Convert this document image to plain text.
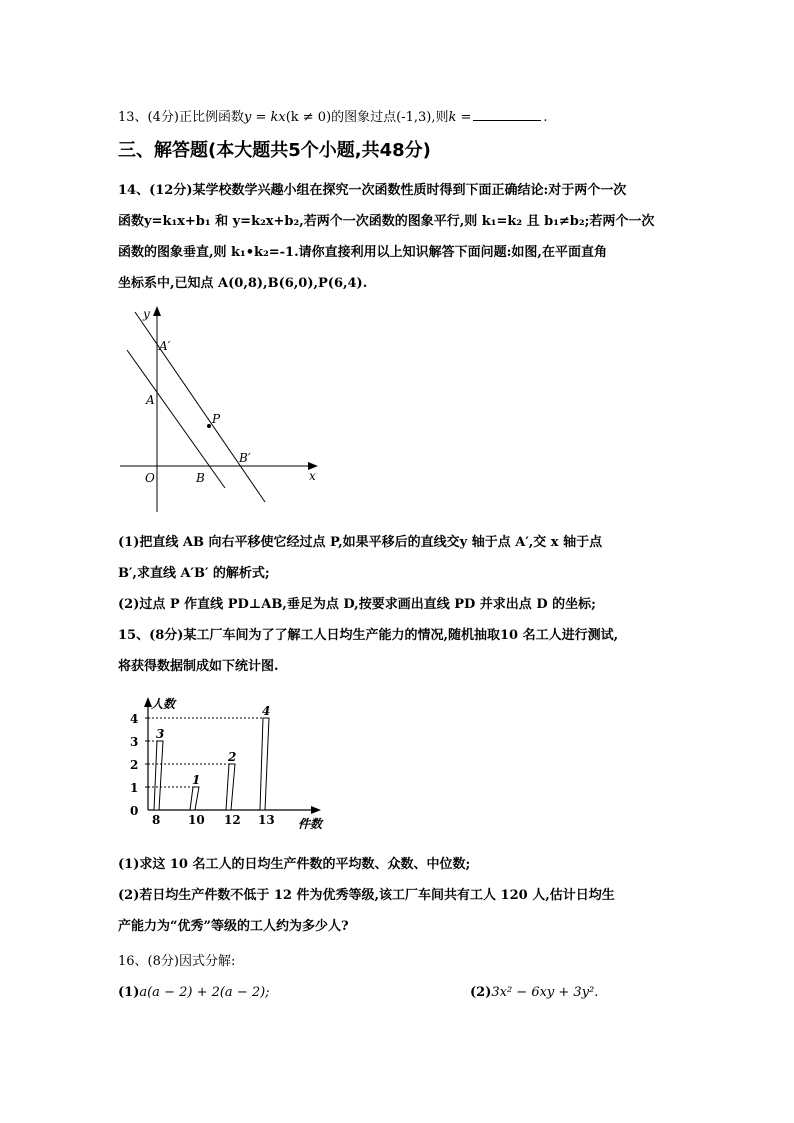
13、(4分)正比例函数y = kx(k ≠ 0)的图象过点(-1,3),则k =	.
三、解答题(本大题共5个小题,共48分)
14、(12分)某学校数学兴趣小组在探究一次函数性质时得到下面正确结论:对于两个一次
函数y=k₁x+b₁ 和 y=k₂x+b₂,若两个一次函数的图象平行,则 k₁=k₂ 且 b₁≠b₂;若两个一次
函数的图象垂直,则 k₁•k₂=-1.请你直接利用以上知识解答下面问题:如图,在平面直角
坐标系中,已知点 A(0,8),B(6,0),P(6,4).
y
A′
A
P
B′
O	B	x
(1)把直线 AB 向右平移使它经过点 P,如果平移后的直线交y 轴于点 A′,交 x 轴于点
B′,求直线 A′B′ 的解析式;
(2)过点 P 作直线 PD⊥AB,垂足为点 D,按要求画出直线 PD 并求出点 D 的坐标;
15、(8分)某工厂车间为了了解工人日均生产能力的情况,随机抽取10 名工人进行测试,
将获得数据制成如下统计图.
人数
件数
0
1
2
3
4
3
8
1
10
2
12
4
13
(1)求这 10 名工人的日均生产件数的平均数、众数、中位数;
(2)若日均生产件数不低于 12 件为优秀等级,该工厂车间共有工人 120 人,估计日均生
产能力为“优秀”等级的工人约为多少人?
16、(8分)因式分解:
(1)a(a − 2) + 2(a − 2);	(2)3x² − 6xy + 3y².
